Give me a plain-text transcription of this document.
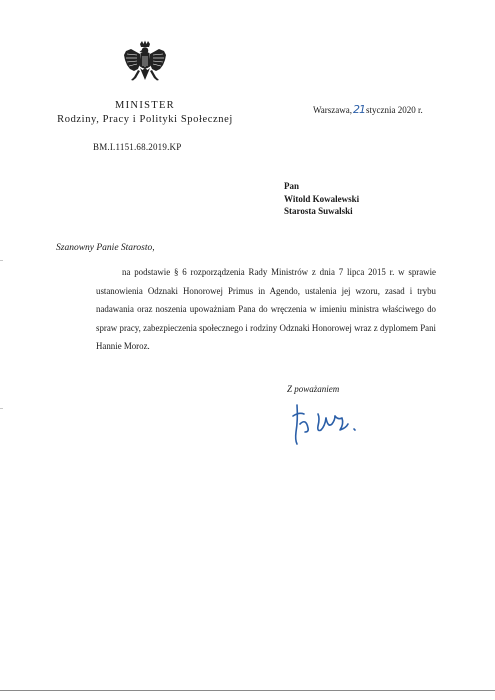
MINISTER
Rodziny, Pracy i Polityki Społecznej
BM.I.1151.68.2019.KP
Warszawa,21stycznia 2020 r.
Pan
Witold Kowalewski
Starosta Suwalski
Szanowny Panie Starosto,
na podstawie § 6 rozporządzenia Rady Ministrów z dnia 7 lipca 2015 r. w sprawie ustanowienia Odznaki Honorowej Primus in Agendo, ustalenia jej wzoru, zasad i trybu nadawania oraz noszenia upoważniam Pana do wręczenia w imieniu ministra właściwego do spraw pracy, zabezpieczenia społecznego i rodziny Odznaki Honorowej wraz z dyplomem Pani Hannie Moroz.
Z poważaniem
